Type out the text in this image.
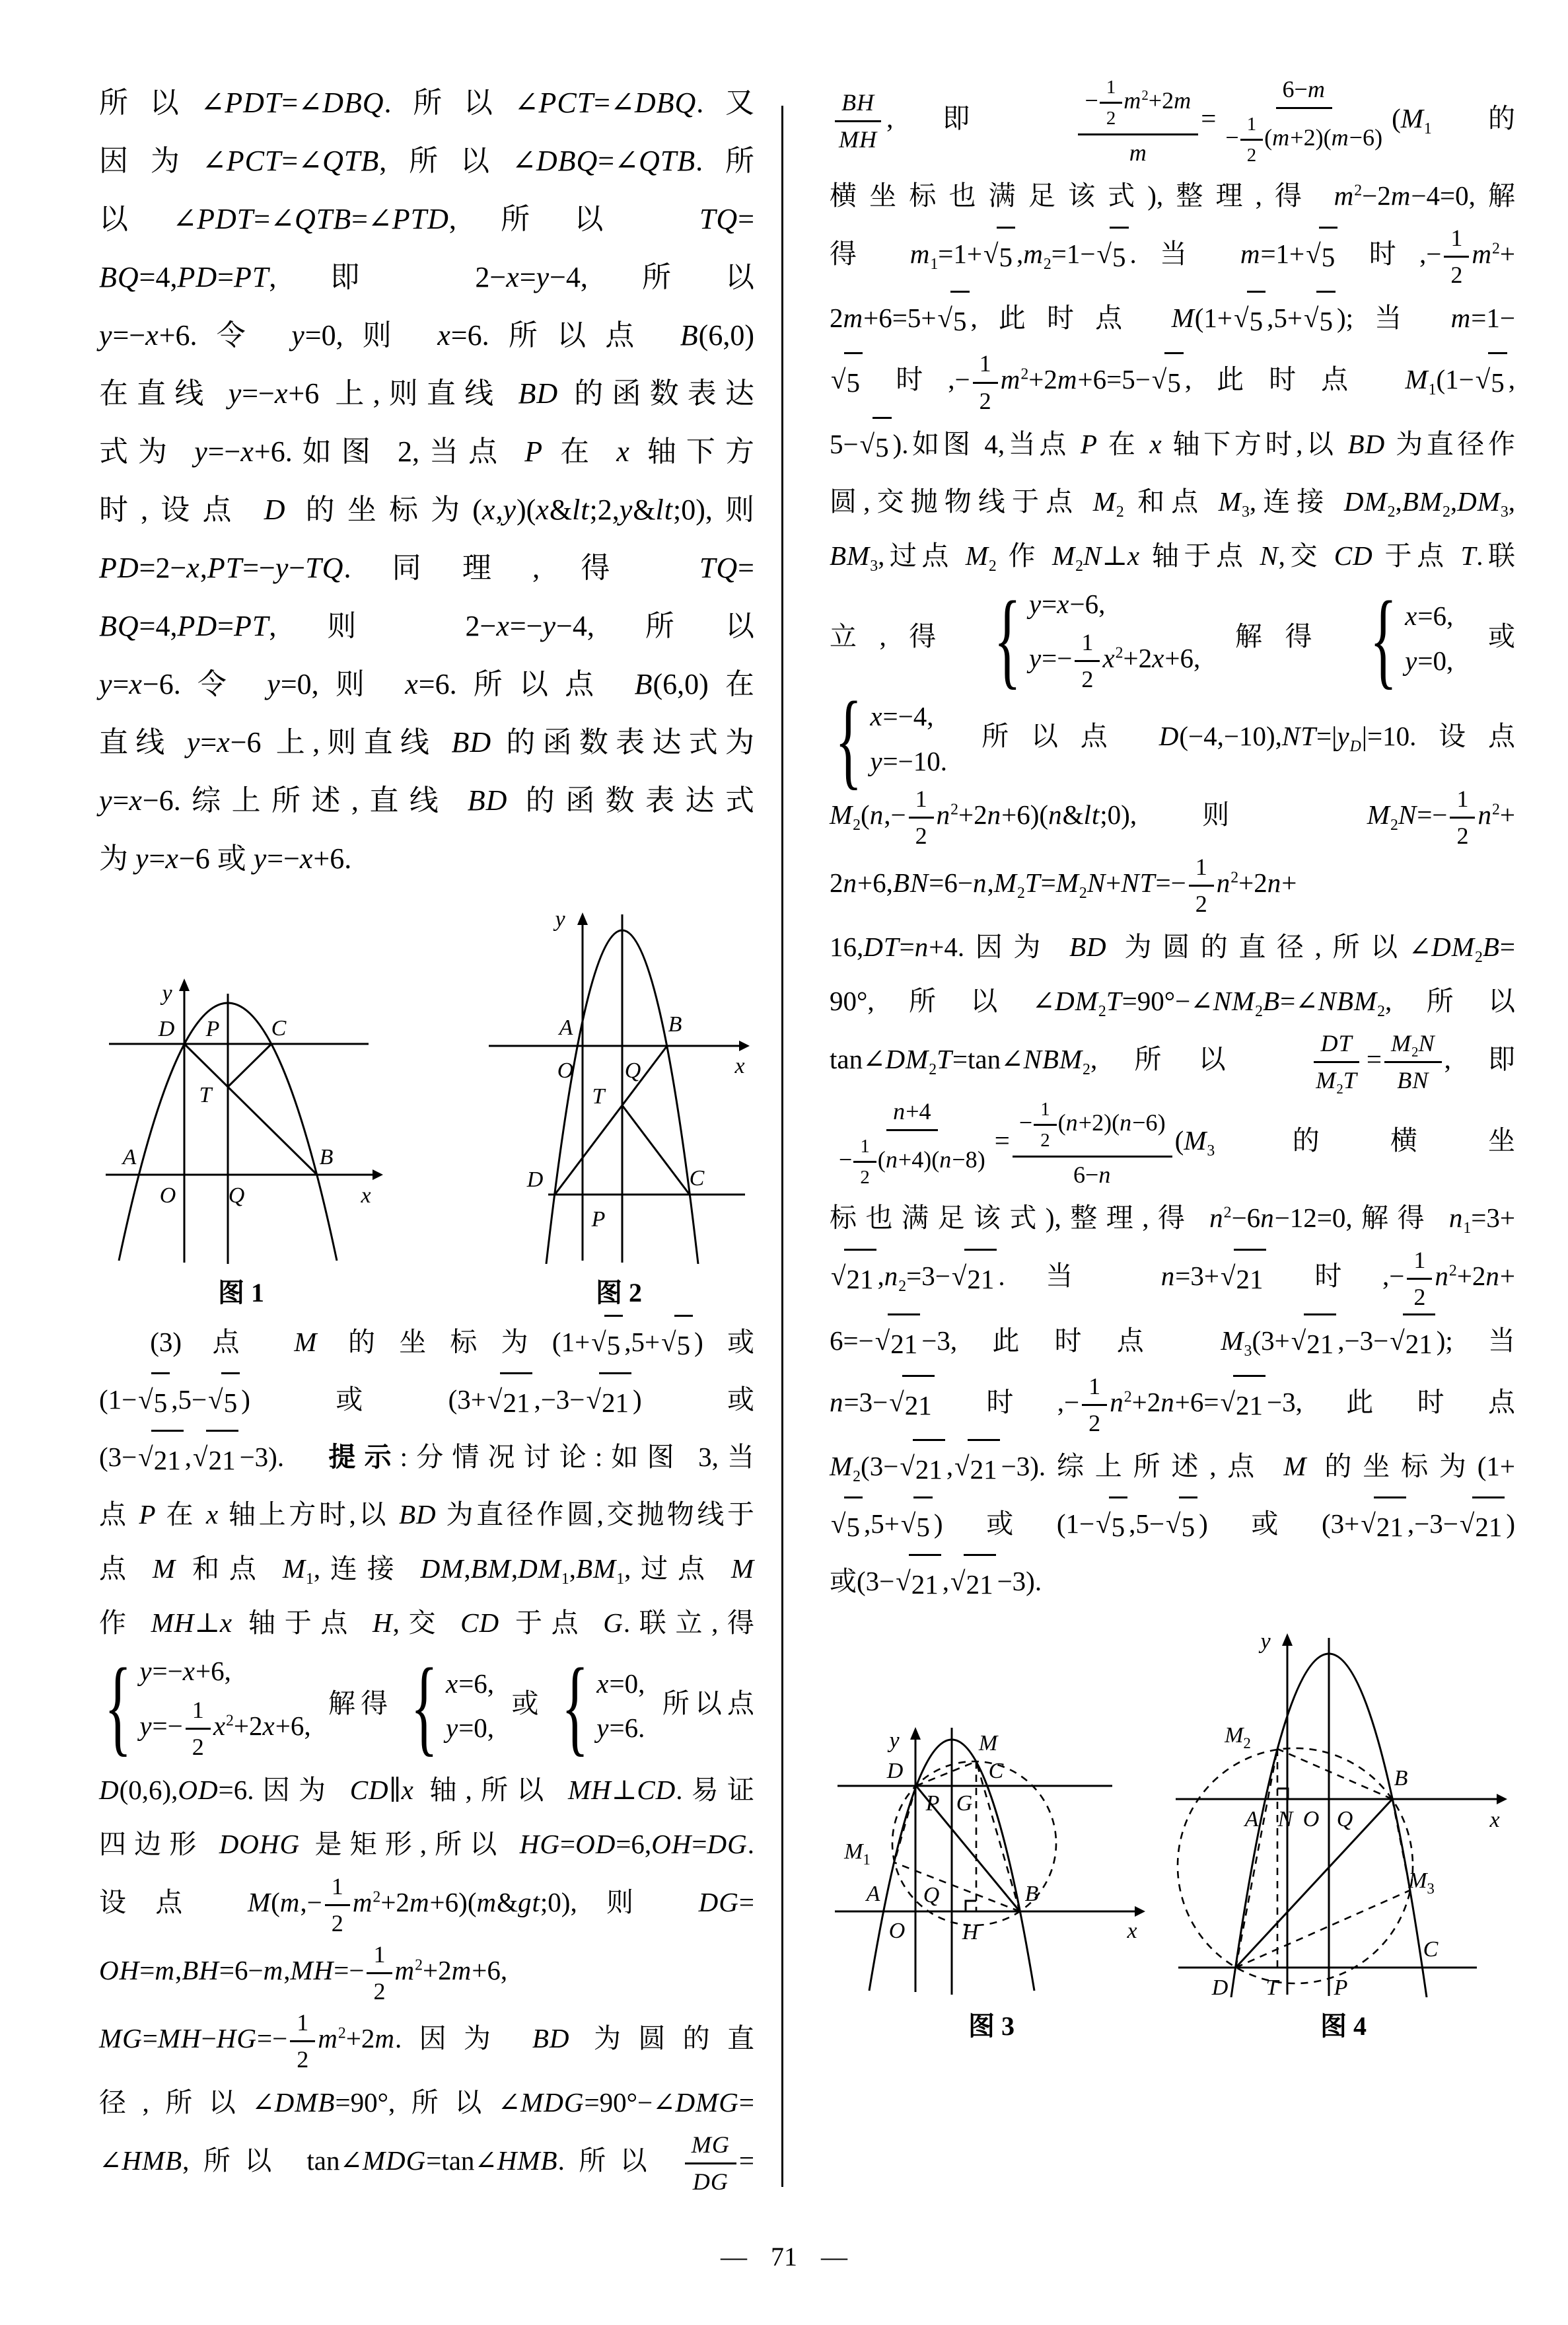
所以∠PDT=∠DBQ.所以∠PCT=∠DBQ.又
因为∠PCT=∠QTB,所以∠DBQ=∠QTB.所
以∠PDT=∠QTB=∠PTD,所以 TQ=
BQ=4,PD=PT,即 2−x=y−4,所以
y=−x+6.令 y=0,则 x=6.所以点 B(6,0)
在直线 y=−x+6 上,则直线 BD 的函数表达
式为 y=−x+6.如图 2,当点 P 在 x 轴下方
时,设点 D 的坐标为(x,y)(x&lt;2,y&lt;0),则
PD=2−x,PT=−y−TQ.同理,得 TQ=
BQ=4,PD=PT,则 2−x=−y−4,所以
y=x−6.令 y=0,则 x=6.所以点 B(6,0)在
直线 y=x−6 上,则直线 BD 的函数表达式为
y=x−6.综上所述,直线 BD 的函数表达式
为 y=x−6 或 y=−x+6.
y
x
D P C
T
A
O Q
B
图 1
y
x
A
O Q
B
T
D
P
C
图 2
　(3) 点 M 的坐标为(1+ √ 5 ,5+ √ 5 )或
(1− √ 5 ,5− √ 5 )或(3+ √ 21 ,−3− √ 21 )或
(3− √ 21 , √ 21 −3).　提示:分情况讨论:如图 3,当
点 P 在 x 轴上方时,以 BD 为直径作圆,交抛物线于
点 M 和点 $M_1$,连接 $DM,BM,DM_1,BM_1$,过点 M
作 MH⊥x 轴于点 H,交 CD 于点 G.联立,得
{ y=−x+6,
$y=- \frac{1}{2} x^2+2x+6$,
解得 { x=6,
y=0,
或 { x=0,
y=6.
所以点
D(0,6),OD=6.因为 CD∥x 轴,所以 MH⊥CD.易证
四边形 DOHG 是矩形,所以 HG=OD=6,OH=DG.
设点 $M(m,- \frac{1}{2}$ $m^2+2m+6)(m\&gt;0)$,则 DG=
$OH=m,BH=6-m,MH=- \frac{1}{2} m^2+2m+6$,
$MG=MH-HG=- \frac{1}{2} m^2+2m$.因为 BD 为圆的直
径,所以∠DMB=90°,所以∠MDG=90°−∠DMG=
∠HMB,所以 tan∠MDG=tan∠HMB.所以 $\frac{MG}{DG}$ =
$\frac{BH}{MH}$ ,即 $\frac{- \frac{1}{2} m^2+2m}{m} = \frac{6-m}{- \frac{1}{2} (m+2)(m-6)} (M_1$ 的
横坐标也满足该式),整理,得 $m^2-2m-4=0$,解
得 $m_1=1+$ √ 5 $,m_2=1-$ √ 5 .当 m=1+ √ 5 时,− $\frac{1}{2} m^2+$
2m+6=5+ √ 5 ,此时点 M(1+ √ 5 ,5+ √ 5 );当 m=1−
√ 5 时,− $\frac{1}{2} m^2+2m+6=5-$ √ 5 ,此时点 $M_1(1-$ √ 5 ,
5− √ 5 ).如图 4,当点 P 在 x 轴下方时,以 BD 为直径作
圆,交抛物线于点 $M_2$ 和点 $M_3$,连接 $DM_2,BM_2,DM_3$,
$BM_3$,过点 $M_2$ 作 $M_2N\perp x$ 轴于点 N,交 CD 于点 T.联
立,得 { y=x−6,
$y=- \frac{1}{2} x^2+2x+6$,
解得 { x=6,
y=0,
或
{ x=−4,
y=−10.
所以点 $D(-4,-10),NT=|y_D|=10$.设点
$M_2(n,- \frac{1}{2}$ $n^2+2n+6)(n\&lt;0)$,则 $M_2N=- \frac{1}{2} n^2+$
$2n+6,BN=6-n,M_2T=M_2N+NT=- \frac{1}{2} n^2+2n+$
16,DT=n+4.因为 BD 为圆的直径,所以$\angle DM_2B=$
90°,所以$\angle DM_2T=90^\circ-\angle NM_2B=\angle NBM_2$,所以
$\tan\angle DM_2T=\tan\angle NBM_2$,所以 $\frac{DT}{M_2T} = \frac{M_2N}{BN}$ ,即
$\frac{n+4}{- \frac{1}{2} (n+4)(n-8)} = \frac{- \frac{1}{2} (n+2)(n-6)}{6-n} (M_3$ 的横坐
标也满足该式),整理,得 $n^2-6n-12=0$,解得 $n_1=3+$
√ 21 $,n_2=3-$ √ 21 .当 n=3+ √ 21 时,− $\frac{1}{2} n^2+2n+$
6=− √ 21 −3,此时点 $M_3(3+$ √ 21 ,−3− √ 21 );当
n=3− √ 21 时,− $\frac{1}{2} n^2+2n+6=$ √ 21 −3,此时点
$M_2(3-$ √ 21 , √ 21 −3).综上所述,点 M 的坐标为(1+
√ 5 ,5+ √ 5 )或(1− √ 5 ,5− √ 5 )或(3+ √ 21 ,−3− √ 21 )
或(3− √ 21 , √ 21 −3).
y
x
D
P G
M
C
$M_1$
A
O
Q
H
B
图 3
y
x
$M_2$
B
A N O Q
$M_3$
C
D T P
图 4
— 71 —
